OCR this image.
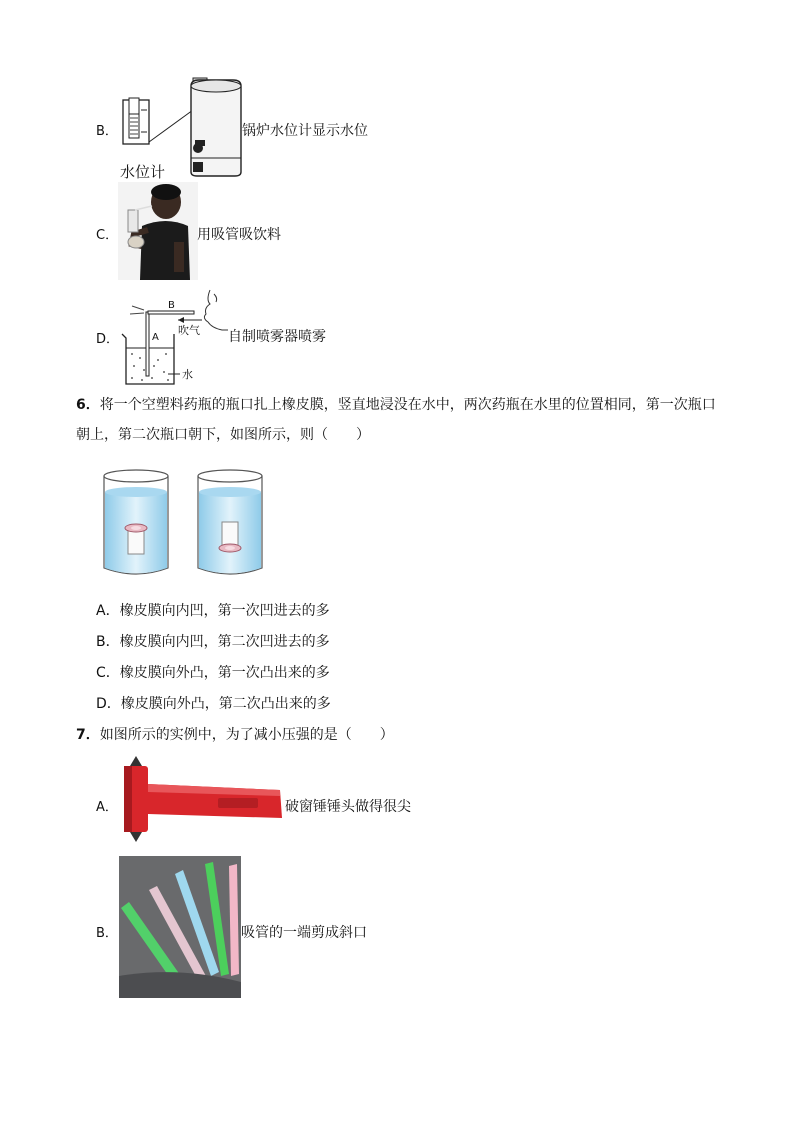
B．
水位计
锅炉水位计显示水位
C．	用吸管吸饮料
D．
B
A
吹气
水
自制喷雾器喷雾
6．将一个空塑料药瓶的瓶口扎上橡皮膜，竖直地浸没在水中，两次药瓶在水里的位置相同，第一次瓶口
朝上，第二次瓶口朝下，如图所示，则（　　）
A．橡皮膜向内凹，第一次凹进去的多
B．橡皮膜向内凹，第二次凹进去的多
C．橡皮膜向外凸，第一次凸出来的多
D．橡皮膜向外凸，第二次凸出来的多
7．如图所示的实例中，为了减小压强的是（　　）
A．	破窗锤锤头做得很尖
B．	吸管的一端剪成斜口
